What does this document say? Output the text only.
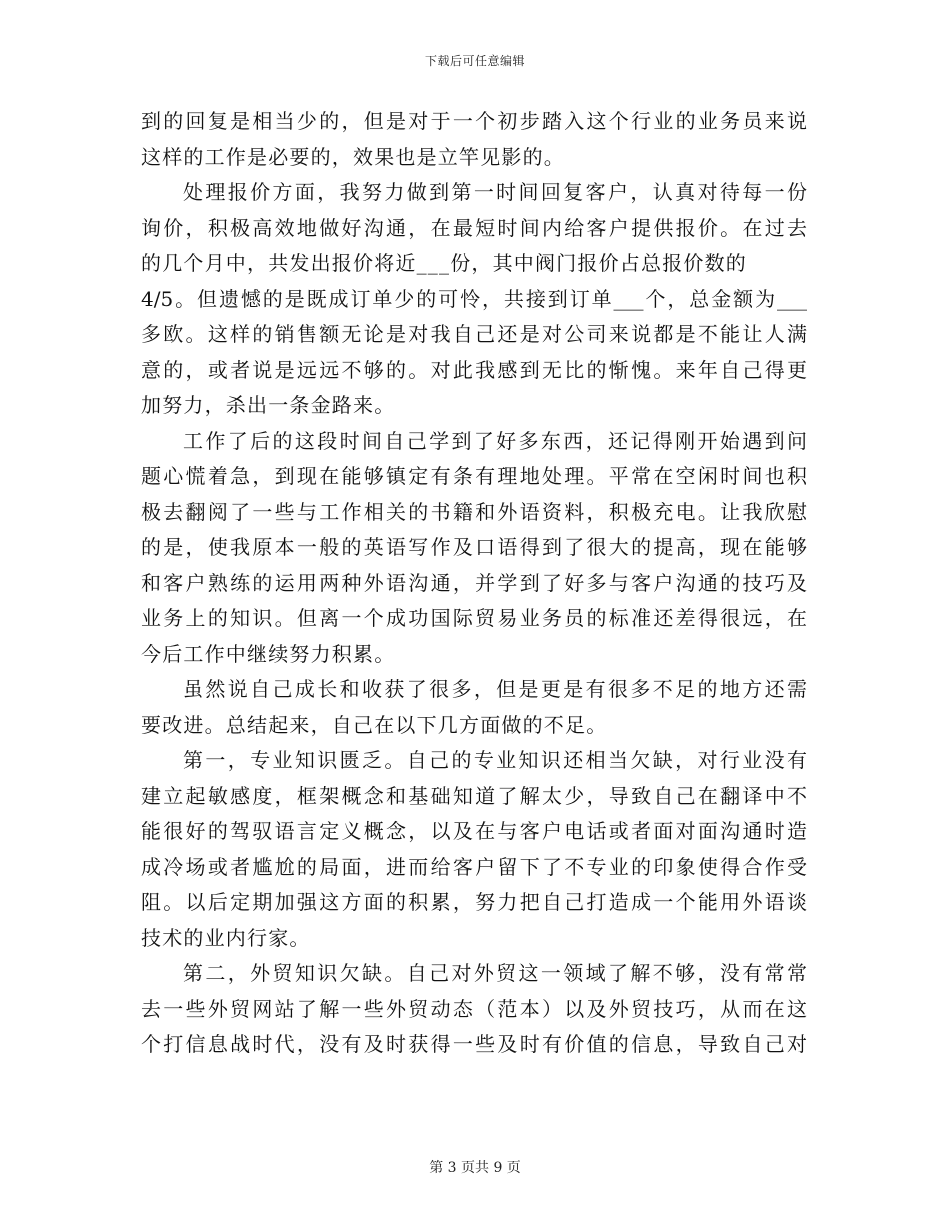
下载后可任意编辑
到的回复是相当少的，但是对于一个初步踏入这个行业的业务员来说
这样的工作是必要的，效果也是立竿见影的。
处理报价方面，我努力做到第一时间回复客户，认真对待每一份
询价，积极高效地做好沟通，在最短时间内给客户提供报价。在过去
的几个月中，共发出报价将近___份，其中阀门报价占总报价数的
4/5。但遗憾的是既成订单少的可怜，共接到订单___个，总金额为___
多欧。这样的销售额无论是对我自己还是对公司来说都是不能让人满
意的，或者说是远远不够的。对此我感到无比的惭愧。来年自己得更
加努力，杀出一条金路来。
工作了后的这段时间自己学到了好多东西，还记得刚开始遇到问
题心慌着急，到现在能够镇定有条有理地处理。平常在空闲时间也积
极去翻阅了一些与工作相关的书籍和外语资料，积极充电。让我欣慰
的是，使我原本一般的英语写作及口语得到了很大的提高，现在能够
和客户熟练的运用两种外语沟通，并学到了好多与客户沟通的技巧及
业务上的知识。但离一个成功国际贸易业务员的标准还差得很远，在
今后工作中继续努力积累。
虽然说自己成长和收获了很多，但是更是有很多不足的地方还需
要改进。总结起来，自己在以下几方面做的不足。
第一，专业知识匮乏。自己的专业知识还相当欠缺，对行业没有
建立起敏感度，框架概念和基础知道了解太少，导致自己在翻译中不
能很好的驾驭语言定义概念，以及在与客户电话或者面对面沟通时造
成冷场或者尴尬的局面，进而给客户留下了不专业的印象使得合作受
阻。以后定期加强这方面的积累，努力把自己打造成一个能用外语谈
技术的业内行家。
第二，外贸知识欠缺。自己对外贸这一领域了解不够，没有常常
去一些外贸网站了解一些外贸动态（范本）以及外贸技巧，从而在这
个打信息战时代，没有及时获得一些及时有价值的信息，导致自己对
第 3 页共 9 页
